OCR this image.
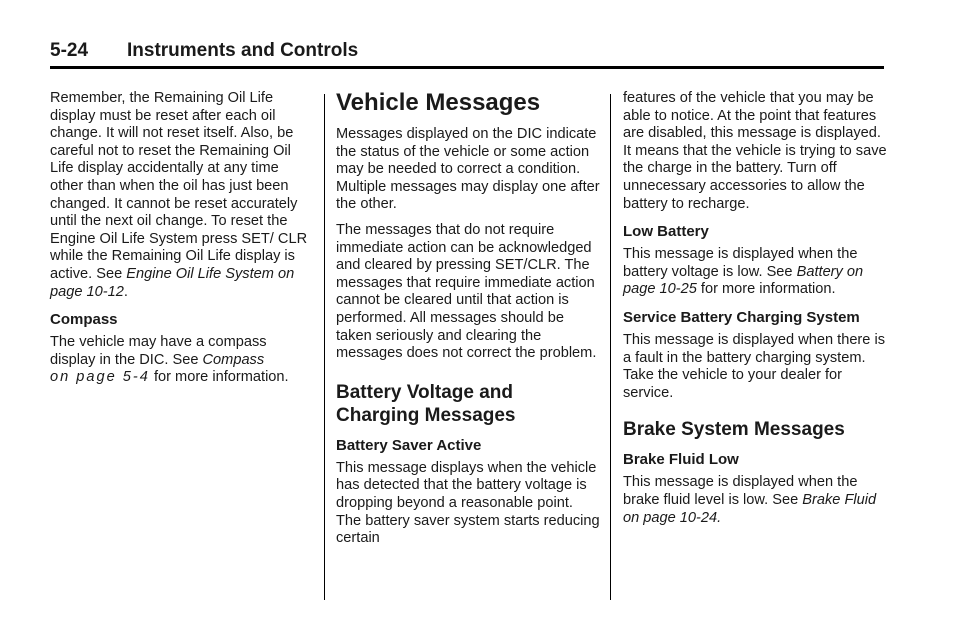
5-24 Instruments and Controls

Remember, the Remaining Oil Life display must be reset after each oil change. It will not reset itself. Also, be careful not to reset the Remaining Oil Life display accidentally at any time other than when the oil has just been changed. It cannot be reset accurately until the next oil change. To reset the Engine Oil Life System press SET/ CLR while the Remaining Oil Life display is active. See Engine Oil Life System on page 10-12.

Compass

The vehicle may have a compass display in the DIC. See Compass
on page 5-4 for more information.

Vehicle Messages

Messages displayed on the DIC indicate the status of the vehicle or some action may be needed to correct a condition. Multiple messages may display one after the other.

The messages that do not require immediate action can be acknowledged and cleared by pressing SET/CLR. The messages that require immediate action cannot be cleared until that action is performed. All messages should be taken seriously and clearing the messages does not correct the problem.

Battery Voltage and Charging Messages
Battery Saver Active

This message displays when the vehicle has detected that the battery voltage is dropping beyond a reasonable point. The battery saver system starts reducing certain

features of the vehicle that you may be able to notice. At the point that features are disabled, this message is displayed. It means that the vehicle is trying to save the charge in the battery. Turn off unnecessary accessories to allow the battery to recharge.

Low Battery

This message is displayed when the battery voltage is low. See Battery on page 10-25 for more information.

Service Battery Charging System

This message is displayed when there is a fault in the battery charging system. Take the vehicle to your dealer for service.

Brake System Messages
Brake Fluid Low

This message is displayed when the brake fluid level is low. See Brake Fluid on page 10-24.
